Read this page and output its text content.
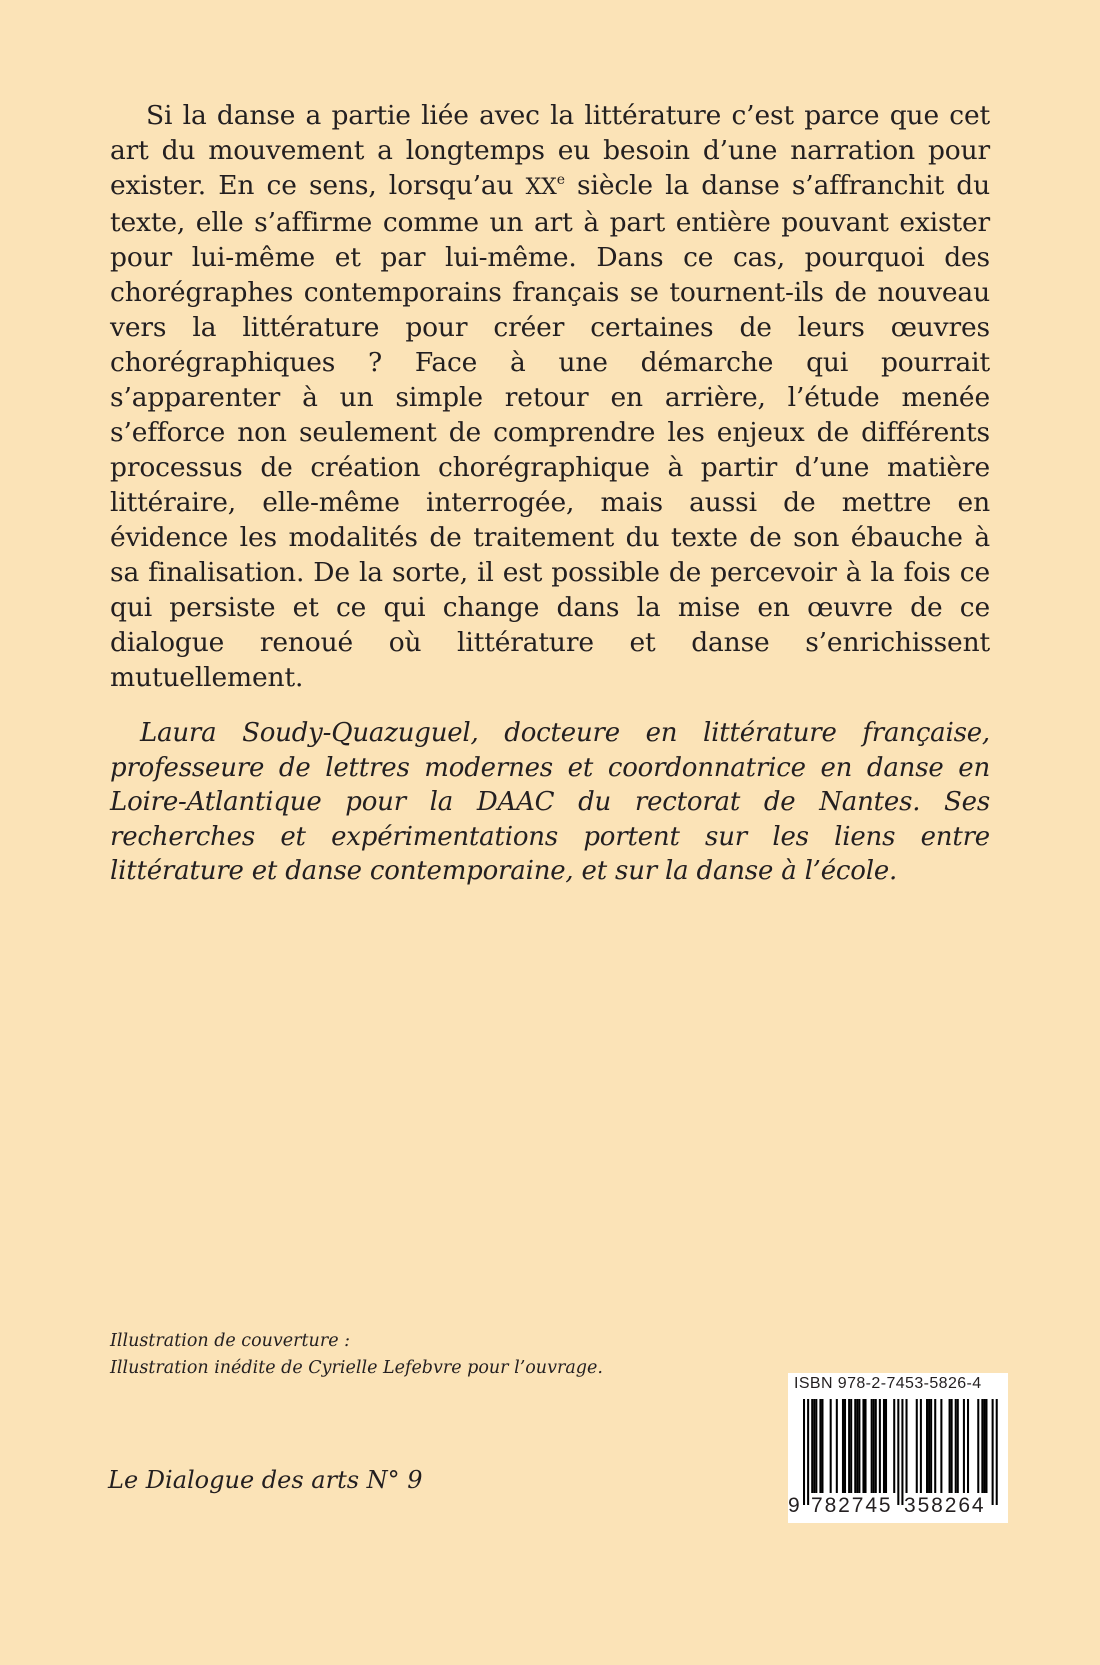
Si la danse a partie liée avec la littérature c’est parce que cet art du mouvement a longtemps eu besoin d’une narration pour exister. En ce sens, lorsqu’au XXe siècle la danse s’affranchit du texte, elle s’affirme comme un art à part entière pouvant exister pour lui-même et par lui-même. Dans ce cas, pourquoi des chorégraphes contemporains français se tournent-ils de nouveau vers la littérature pour créer certaines de leurs œuvres chorégraphiques ? Face à une démarche qui pourrait s’apparenter à un simple retour en arrière, l’étude menée s’efforce non seulement de comprendre les enjeux de différents processus de création chorégraphique à partir d’une matière littéraire, elle-même interrogée, mais aussi de mettre en évidence les modalités de traitement du texte de son ébauche à sa finalisation. De la sorte, il est possible de percevoir à la fois ce qui persiste et ce qui change dans la mise en œuvre de ce dialogue renoué où littérature et danse s’enrichissent mutuellement.

Laura Soudy-Quazuguel, docteure en littérature française, professeure de lettres modernes et coordonnatrice en danse en Loire-Atlantique pour la DAAC du rectorat de Nantes. Ses recherches et expérimentations portent sur les liens entre littérature et danse contemporaine, et sur la danse à l’école.

Illustration de couverture :
Illustration inédite de Cyrielle Lefebvre pour l’ouvrage.
Le Dialogue des arts N° 9
ISBN 978-2-7453-5826-4
9 782745 358264
